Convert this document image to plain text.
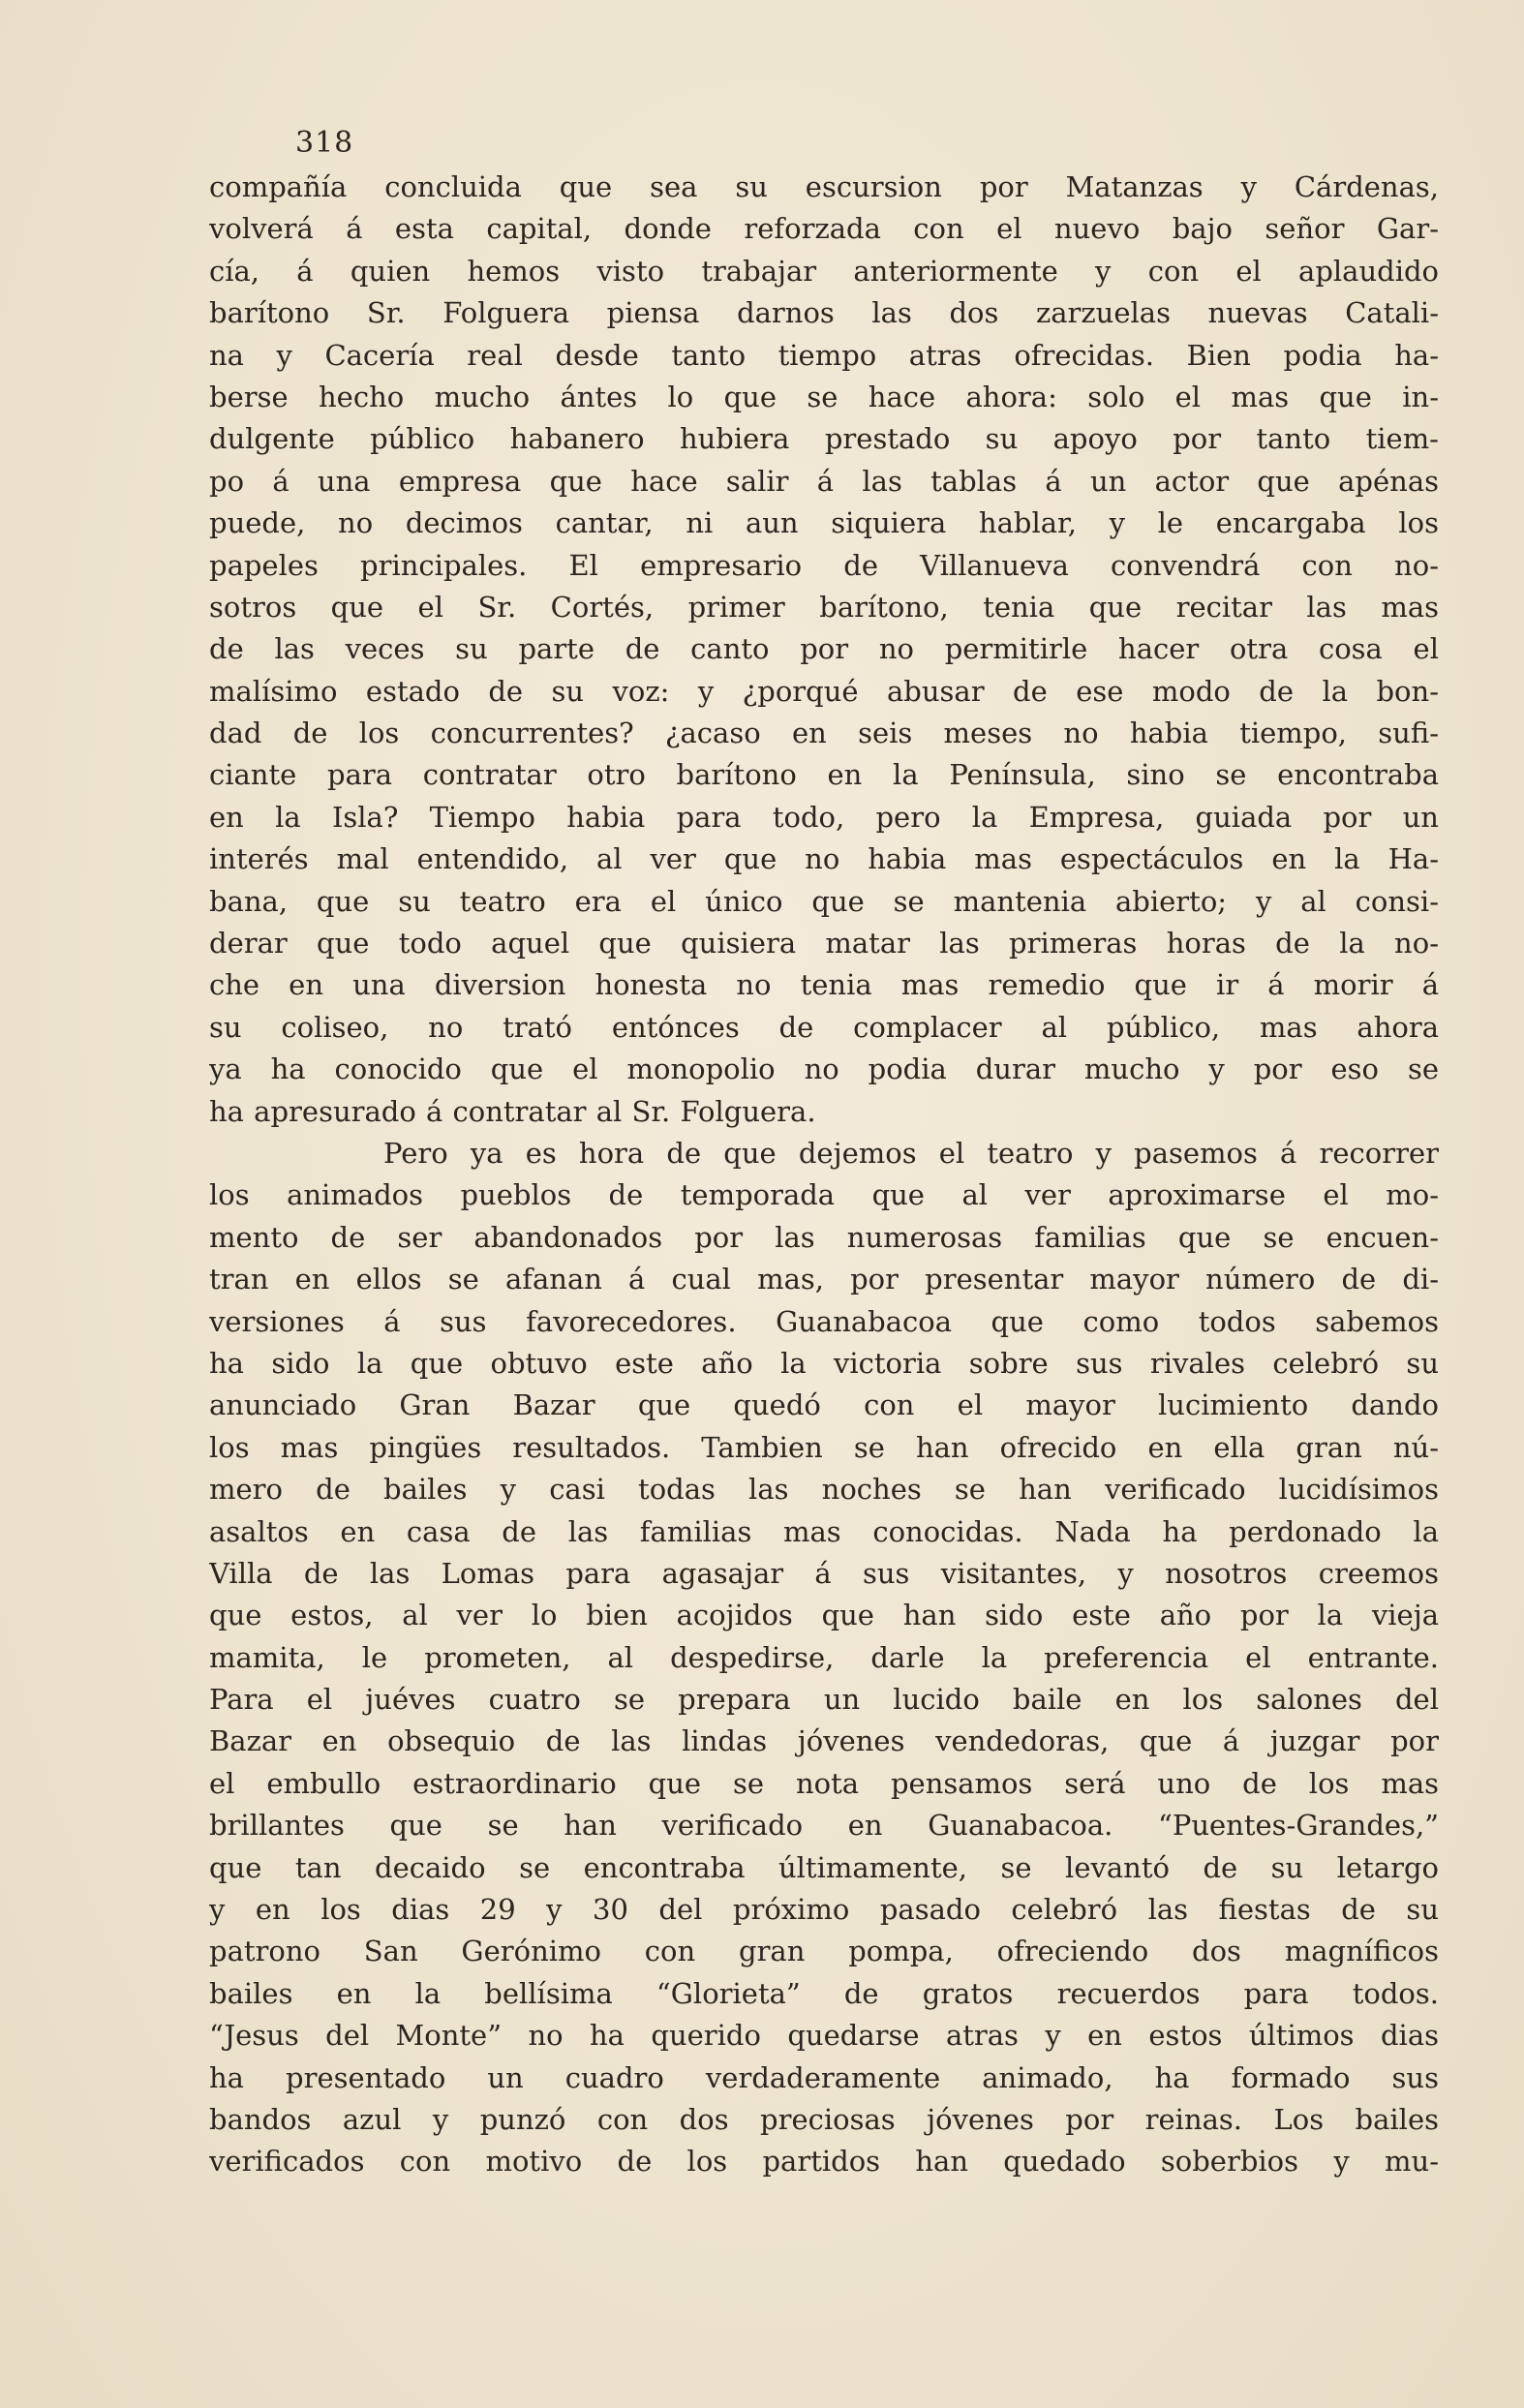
318
compañía concluida que sea su escursion por Matanzas y Cárdenas,
volverá á esta capital, donde reforzada con el nuevo bajo señor Gar-
cía, á quien hemos visto trabajar anteriormente y con el aplaudido
barítono Sr. Folguera piensa darnos las dos zarzuelas nuevas Catali-
na y Cacería real desde tanto tiempo atras ofrecidas. Bien podia ha-
berse hecho mucho ántes lo que se hace ahora: solo el mas que in-
dulgente público habanero hubiera prestado su apoyo por tanto tiem-
po á una empresa que hace salir á las tablas á un actor que apénas
puede, no decimos cantar, ni aun siquiera hablar, y le encargaba los
papeles principales. El empresario de Villanueva convendrá con no-
sotros que el Sr. Cortés, primer barítono, tenia que recitar las mas
de las veces su parte de canto por no permitirle hacer otra cosa el
malísimo estado de su voz: y ¿porqué abusar de ese modo de la bon-
dad de los concurrentes? ¿acaso en seis meses no habia tiempo, sufi-
ciante para contratar otro barítono en la Península, sino se encontraba
en la Isla? Tiempo habia para todo, pero la Empresa, guiada por un
interés mal entendido, al ver que no habia mas espectáculos en la Ha-
bana, que su teatro era el único que se mantenia abierto; y al consi-
derar que todo aquel que quisiera matar las primeras horas de la no-
che en una diversion honesta no tenia mas remedio que ir á morir á
su coliseo, no trató entónces de complacer al público, mas ahora
ya ha conocido que el monopolio no podia durar mucho y por eso se
ha apresurado á contratar al Sr. Folguera.
Pero ya es hora de que dejemos el teatro y pasemos á recorrer
los animados pueblos de temporada que al ver aproximarse el mo-
mento de ser abandonados por las numerosas familias que se encuen-
tran en ellos se afanan á cual mas, por presentar mayor número de di-
versiones á sus favorecedores. Guanabacoa que como todos sabemos
ha sido la que obtuvo este año la victoria sobre sus rivales celebró su
anunciado Gran Bazar que quedó con el mayor lucimiento dando
los mas pingües resultados. Tambien se han ofrecido en ella gran nú-
mero de bailes y casi todas las noches se han verificado lucidísimos
asaltos en casa de las familias mas conocidas. Nada ha perdonado la
Villa de las Lomas para agasajar á sus visitantes, y nosotros creemos
que estos, al ver lo bien acojidos que han sido este año por la vieja
mamita, le prometen, al despedirse, darle la preferencia el entrante.
Para el juéves cuatro se prepara un lucido baile en los salones del
Bazar en obsequio de las lindas jóvenes vendedoras, que á juzgar por
el embullo estraordinario que se nota pensamos será uno de los mas
brillantes que se han verificado en Guanabacoa. “Puentes-Grandes,”
que tan decaido se encontraba últimamente, se levantó de su letargo
y en los dias 29 y 30 del próximo pasado celebró las fiestas de su
patrono San Gerónimo con gran pompa, ofreciendo dos magníficos
bailes en la bellísima “Glorieta” de gratos recuerdos para todos.
“Jesus del Monte” no ha querido quedarse atras y en estos últimos dias
ha presentado un cuadro verdaderamente animado, ha formado sus
bandos azul y punzó con dos preciosas jóvenes por reinas. Los bailes
verificados con motivo de los partidos han quedado soberbios y mu-
